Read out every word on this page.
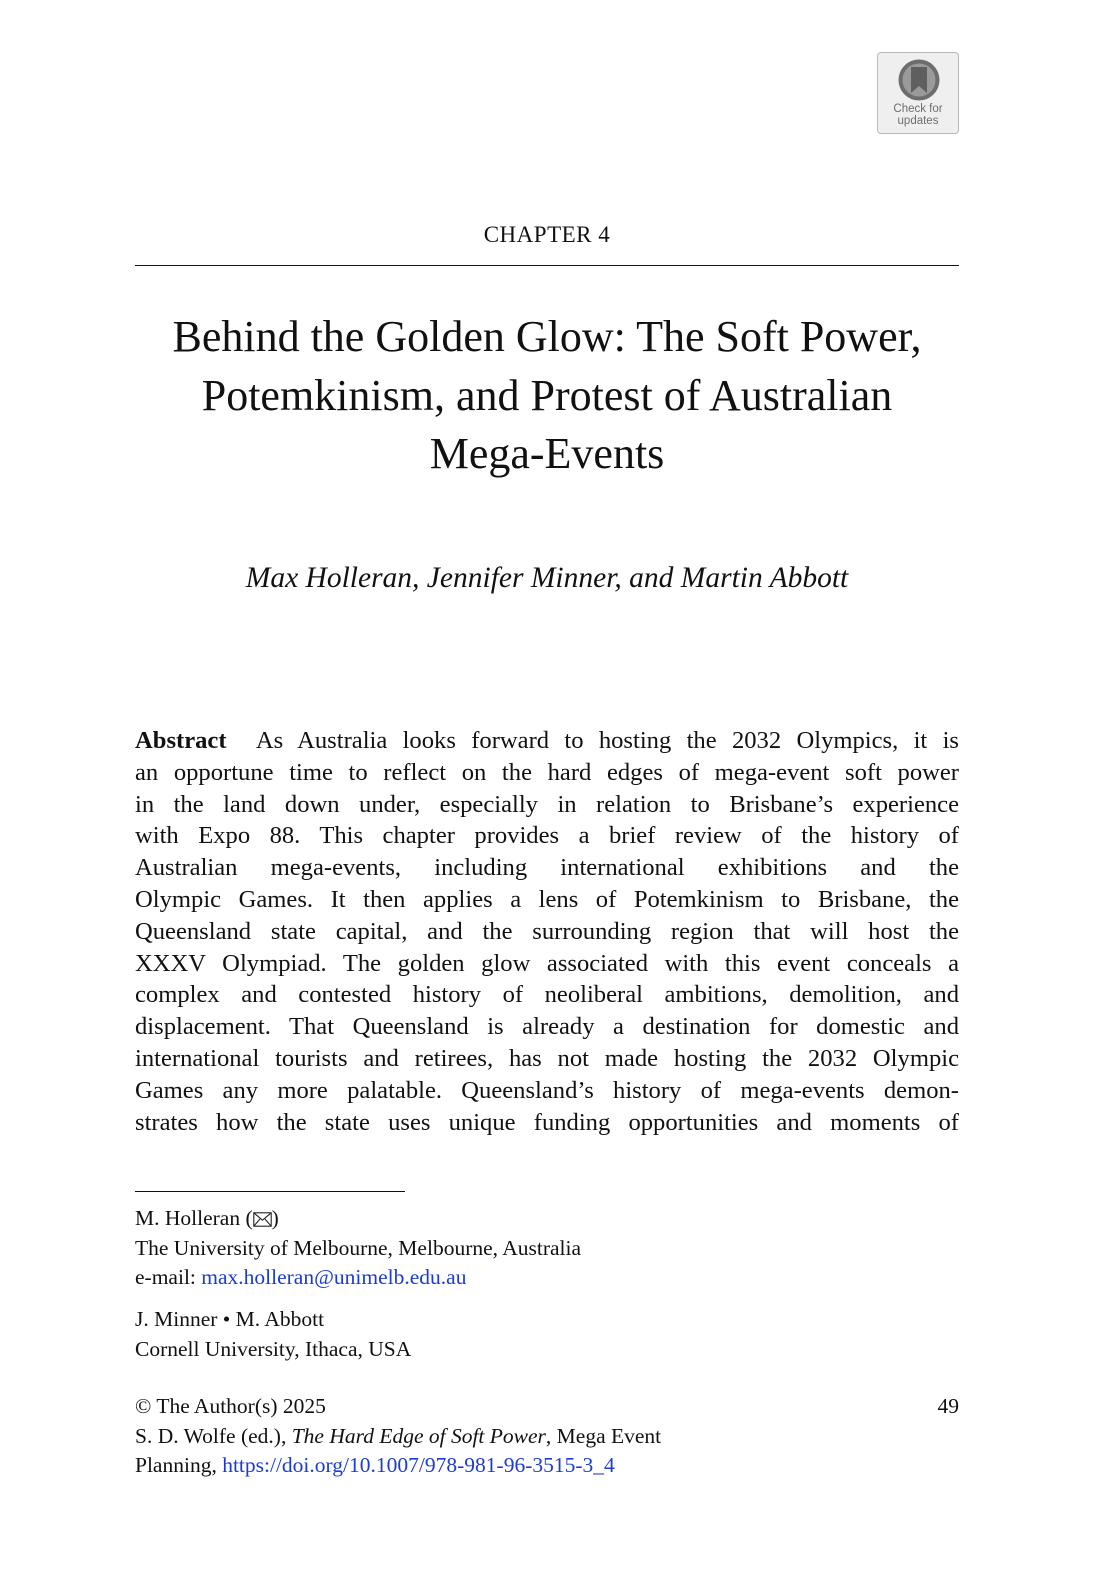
Check for
updates
CHAPTER 4
Behind the Golden Glow: The Soft Power,
Potemkinism, and Protest of Australian
Mega-Events
Max Holleran, Jennifer Minner, and Martin Abbott
Abstract As Australia looks forward to hosting the 2032 Olympics, it is
an opportune time to reflect on the hard edges of mega-event soft power
in the land down under, especially in relation to Brisbane’s experience
with Expo 88. This chapter provides a brief review of the history of
Australian mega-events, including international exhibitions and the
Olympic Games. It then applies a lens of Potemkinism to Brisbane, the
Queensland state capital, and the surrounding region that will host the
XXXV Olympiad. The golden glow associated with this event conceals a
complex and contested history of neoliberal ambitions, demolition, and
displacement. That Queensland is already a destination for domestic and
international tourists and retirees, has not made hosting the 2032 Olympic
Games any more palatable. Queensland’s history of mega-events demon-
strates how the state uses unique funding opportunities and moments of
M. Holleran ( )
The University of Melbourne, Melbourne, Australia
e-mail: max.holleran@unimelb.edu.au
J. Minner • M. Abbott
Cornell University, Ithaca, USA
© The Author(s) 2025
S. D. Wolfe (ed.), The Hard Edge of Soft Power, Mega Event
Planning, https://doi.org/10.1007/978-981-96-3515-3_4
49
